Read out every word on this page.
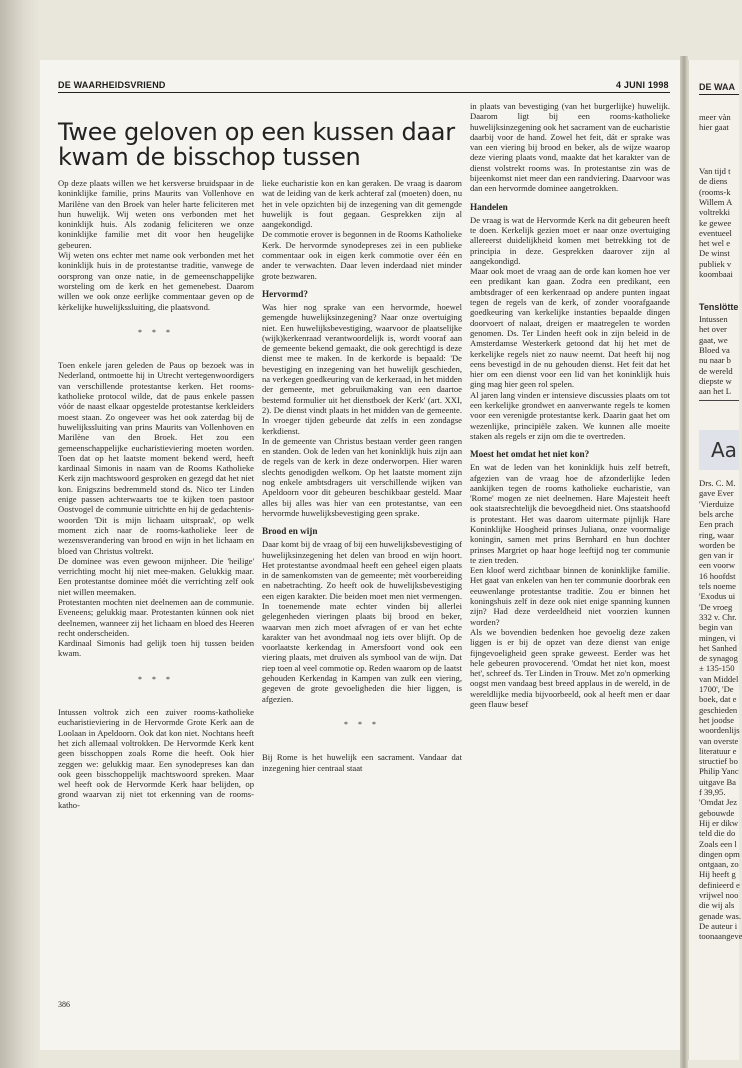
DE WAARHEIDSVRIEND	4 JUNI 1998
Twee geloven op een kussen daar kwam de bisschop tussen

Op deze plaats willen we het kersverse bruidspaar in de koninklijke familie, prins Maurits van Vollenhove en Marilène van den Broek van heler harte feliciteren met hun huwelijk. Wij weten ons verbonden met het koninklijk huis. Als zodanig feliciteren we onze koninklijke familie met dit voor hen heugelijke gebeuren.

Wij weten ons echter met name ook verbonden met het koninklijk huis in de protestantse traditie, vanwege de oorsprong van onze natie, in de gemeenschappelijke worsteling om de kerk en het gemenebest. Daarom willen we ook onze eerlijke commentaar geven op de kèrkelijke huwelijkssluiting, die plaatsvond.

* * *

Toen enkele jaren geleden de Paus op bezoek was in Nederland, ontmoette hij in Utrecht vertegenwoordigers van verschillende protestantse kerken. Het rooms-katholieke protocol wilde, dat de paus enkele passen vóór de naast elkaar opgestelde protestantse kerkleiders moest staan. Zo ongeveer was het ook zaterdag bij de huwelijkssluiting van prins Maurits van Vollenhoven en Marilène van den Broek. Het zou een gemeenschappelijke eucharistieviering moeten worden. Toen dat op het laatste moment bekend werd, heeft kardinaal Simonis in naam van de Rooms Katholieke Kerk zijn machtswoord gesproken en gezegd dat het niet kon. Enigszins bedremmeld stond ds. Nico ter Linden enige passen achterwaarts toe te kijken toen pastoor Oostvogel de communie uitrichtte en hij de gedachtenis-woorden 'Dit is mijn lichaam uitspraak', op welk moment zich naar de rooms-katholieke leer de wezensverandering van brood en wijn in het lichaam en bloed van Christus voltrekt.

De dominee was even gewoon mijnheer. Die 'heilige' verrichting mocht hij niet mee-maken. Gelukkig maar. Een protestantse dominee móét die verrichting zelf ook niet willen meemaken.

Protestanten mochten niet deelnemen aan de communie. Eveneens; gelukkig maar. Protestanten kúnnen ook niet deelnemen, wanneer zij het lichaam en bloed des Heeren recht onderscheiden.

Kardinaal Simonis had gelijk toen hij tussen beiden kwam.

* * *

Intussen voltrok zich een zuiver rooms-katholieke eucharistieviering in de Hervormde Grote Kerk aan de Loolaan in Apeldoorn. Ook dat kon niet. Nochtans heeft het zich allemaal voltrokken. De Hervormde Kerk kent geen bisschoppen zoals Rome die heeft. Ook hier zeggen we: gelukkig maar. Een synodepreses kan dan ook geen bisschoppelijk machtswoord spreken. Maar wel heeft ook de Hervormde Kerk haar belijden, op grond waarvan zij niet tot erkenning van de rooms-katho-

lieke eucharistie kon en kan geraken. De vraag is daarom wat de leiding van de kerk achteraf zal (moeten) doen, nu het in vele opzichten bij de inzegening van dit gemengde huwelijk is fout gegaan. Gesprekken zijn al aangekondigd.

De commotie erover is begonnen in de Rooms Katholieke Kerk. De hervormde synodepreses zei in een publieke commentaar ook in eigen kerk commotie over één en ander te verwachten. Daar leven inderdaad niet minder grote bezwaren.

Hervormd?

Was hier nog sprake van een hervormde, hoewel gemengde huwelijksinzegening? Naar onze overtuiging niet. Een huwelijksbevestiging, waarvoor de plaatselijke (wijk)kerkenraad verantwoordelijk is, wordt vooraf aan de gemeente bekend gemaakt, die ook gerechtigd is deze dienst mee te maken. In de kerkorde is bepaald: 'De bevestiging en inzegening van het huwelijk geschieden, na verkegen goedkeuring van de kerkeraad, in het midden der gemeente, met gebruikmaking van een daartoe bestemd formulier uit het dienstboek der Kerk' (art. XXI, 2). De dienst vindt plaats in het midden van de gemeente. In vroeger tijden gebeurde dat zelfs in een zondagse kerkdienst.

In de gemeente van Christus bestaan verder geen rangen en standen. Ook de leden van het koninklijk huis zijn aan de regels van de kerk in deze onderworpen. Hier waren slechts genodigden welkom. Op het laatste moment zijn nog enkele ambtsdragers uit verschillende wijken van Apeldoorn voor dit gebeuren beschikbaar gesteld. Maar alles bij alles was hier van een protestantse, van een hervormde huwelijksbevestiging geen sprake.

Brood en wijn

Daar komt bij de vraag of bij een huwelijksbevestiging of huwelijksinzegening het delen van brood en wijn hoort. Het protestantse avondmaal heeft een geheel eigen plaats in de samenkomsten van de gemeente; mèt voorbereiding en nabetrachting. Zo heeft ook de huwelijksbevestiging een eigen karakter. Die beiden moet men niet vermengen. In toenemende mate echter vinden bij allerlei gelegenheden vieringen plaats bij brood en beker, waarvan men zich moet afvragen of er van het echte karakter van het avondmaal nog iets over blijft. Op de voorlaatste kerkendag in Amersfoort vond ook een viering plaats, met druiven als symbool van de wijn. Dat riep toen al veel commotie op. Reden waarom op de laatst gehouden Kerkendag in Kampen van zulk een viering, gegeven de grote gevoeligheden die hier liggen, is afgezien.

* * *

Bij Rome is het huwelijk een sacrament. Vandaar dat inzegening hier centraal staat

in plaats van bevestiging (van het burgerlijke) huwelijk. Daarom ligt bij een rooms-katholieke huwelijksinzegening ook het sacrament van de eucharistie daarbij voor de hand. Zowel het feit, dát er sprake was van een viering bij brood en beker, als de wijze waarop deze viering plaats vond, maakte dat het karakter van de dienst volstrekt rooms was. In protestantse zin was de bijeenkomst niet meer dan een randviering. Daarvoor was dan een hervormde dominee aangetrokken.

Handelen

De vraag is wat de Hervormde Kerk na dit gebeuren heeft te doen. Kerkelijk gezien moet er naar onze overtuiging allereerst duidelijkheid komen met betrekking tot de principia in deze. Gesprekken daarover zijn al aangekondigd.

Maar ook moet de vraag aan de orde kan komen hoe ver een predikant kan gaan. Zodra een predikant, een ambtsdrager of een kerkenraad op andere punten ingaat tegen de regels van de kerk, of zonder voorafgaande goedkeuring van kerkelijke instanties bepaalde dingen doorvoert of nalaat, dreigen er maatregelen te worden genomen. Ds. Ter Linden heeft ook in zijn beleid in de Amsterdamse Westerkerk getoond dat hij het met de kerkelijke regels niet zo nauw neemt. Dat heeft hij nog eens bevestigd in de nu gehouden dienst. Het feit dat het hier om een dienst voor een lid van het koninklijk huis ging mag hier geen rol spelen.

Al jaren lang vinden er intensieve discussies plaats om tot een kerkelijke grondwet en aanverwante regels te komen voor een verenigde protestantse kerk. Daarin gaat het om wezenlijke, principiële zaken. We kunnen alle moeite staken als regels er zijn om die te overtreden.

Moest het omdat het niet kon?

En wat de leden van het koninklijk huis zelf betreft, afgezien van de vraag hoe de afzonderlijke leden aankijken tegen de rooms katholieke eucharistie, van 'Rome' mogen ze niet deelnemen. Hare Majesteit heeft ook staatsrechtelijk die bevoegdheid niet. Ons staatshoofd is protestant. Het was daarom uitermate pijnlijk Hare Koninklijke Hoogheid prinses Juliana, onze voormalige koningin, samen met prins Bernhard en hun dochter prinses Margriet op haar hoge leeftijd nog ter communie te zien treden.

Een kloof werd zichtbaar binnen de koninklijke familie. Het gaat van enkelen van hen ter communie doorbrak een eeuwenlange protestantse traditie. Zou er binnen het koningshuis zelf in deze ook niet enige spanning kunnen zijn? Had deze verdeeldheid niet voorzien kunnen worden?

Als we bovendien bedenken hoe gevoelig deze zaken liggen is er bij de opzet van deze dienst van enige fijngevoeligheid geen sprake geweest. Eerder was het hele gebeuren provocerend. 'Omdat het niet kon, moest het', schreef ds. Ter Linden in Trouw. Met zo'n opmerking oogst men vandaag best breed applaus in de wereld, in de wereldlijke media bijvoorbeeld, ook al heeft men er daar geen flauw besef

386
DE WAA
meer vàn
hier gaat
Van tijd t
de diens
(rooms-k
Willem A
voltrekki
ke gewee
eventueel
het wel e
De winst
publiek v
koombaai
Tenslötte
Intussen
het over
gaat, we
Bloed va
nu naar b
de wereld
diepste w
aan het L
Aa
Drs. C. M.
gave Ever
'Vierduize
bels arche
Een prach
ring, waar
worden be
gen van ir
een voorw
16 hoofdst
tels noeme
'Exodus ui
'De vroeg
332 v. Chr.
begin van
mingen, vi
het Sanhed
de synagog
± 135-150
van Middel
1700', 'De
boek, dat e
geschieden
het joodse
woordenlijs
van overste
literatuur e
structief bo
Philip Yanc
uitgave Ba
f 39,95.
'Omdat Jez
gebouwde
Hij er dikw
teld die do
Zoals een l
dingen opm
ontgaan, zo
Hij heeft g
definieerd e
vrijwel noo
die wij als
genade was.
De auteur i
toonaangeve
